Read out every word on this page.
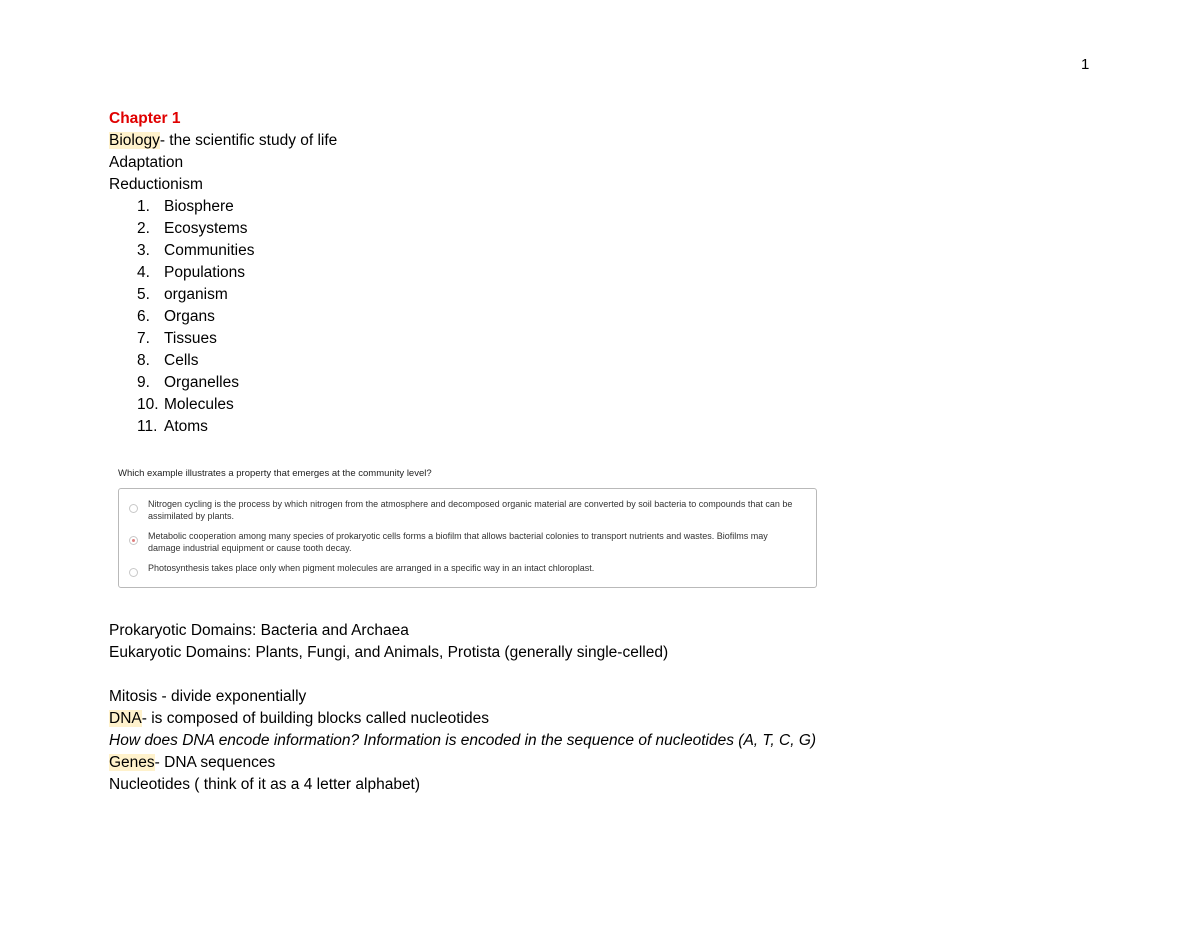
1
Chapter 1
Biology- the scientific study of life
Adaptation
Reductionism
1. Biosphere
2. Ecosystems
3. Communities
4. Populations
5. organism
6. Organs
7. Tissues
8. Cells
9. Organelles
10. Molecules
11. Atoms
Which example illustrates a property that emerges at the community level?
Nitrogen cycling is the process by which nitrogen from the atmosphere and decomposed organic material are converted by soil bacteria to compounds that can be assimilated by plants.
Metabolic cooperation among many species of prokaryotic cells forms a biofilm that allows bacterial colonies to transport nutrients and wastes. Biofilms may damage industrial equipment or cause tooth decay.
Photosynthesis takes place only when pigment molecules are arranged in a specific way in an intact chloroplast.
Prokaryotic Domains: Bacteria and Archaea
Eukaryotic Domains: Plants, Fungi, and Animals, Protista (generally single-celled)
Mitosis - divide exponentially
DNA- is composed of building blocks called nucleotides
How does DNA encode information? Information is encoded in the sequence of nucleotides (A, T, C, G)
Genes- DNA sequences
Nucleotides ( think of it as a 4 letter alphabet)
